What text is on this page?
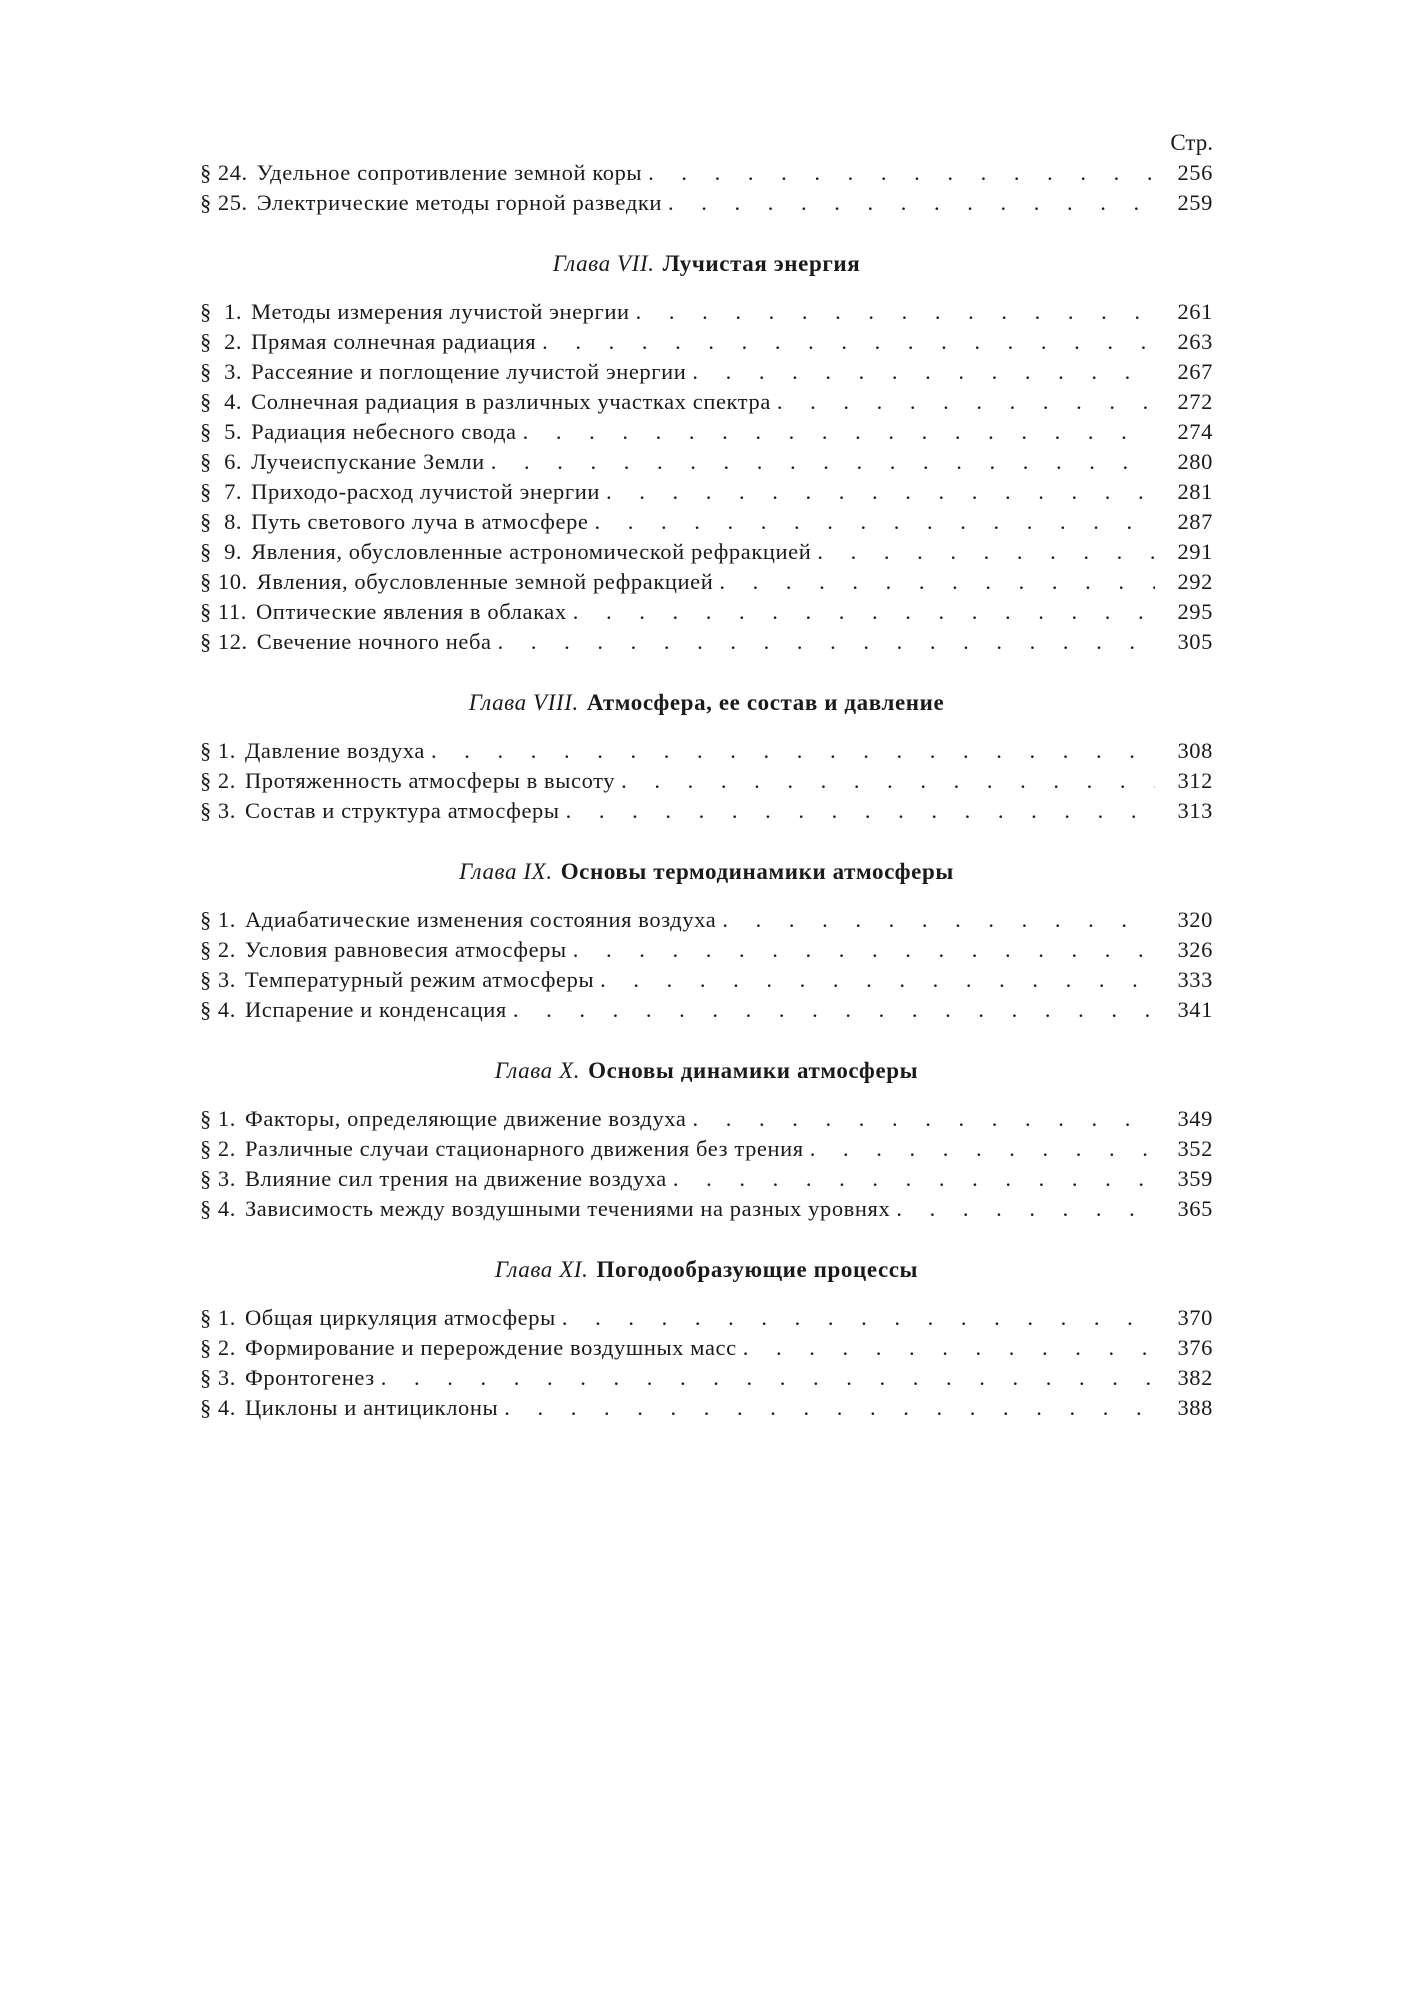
Стр.
§ 24. Удельное сопротивление земной коры . . .	256
§ 25. Электрические методы горной разведки . . .	259
Глава VII. Лучистая энергия
§ 1. Методы измерения лучистой энергии . . .	261
§ 2. Прямая солнечная радиация . . .	263
§ 3. Рассеяние и поглощение лучистой энергии . . .	267
§ 4. Солнечная радиация в различных участках спектра . . .	272
§ 5. Радиация небесного свода . . .	274
§ 6. Лучеиспускание Земли . . .	280
§ 7. Приходо-расход лучистой энергии . . .	281
§ 8. Путь светового луча в атмосфере . . .	287
§ 9. Явления, обусловленные астрономической рефракцией . . .	291
§ 10. Явления, обусловленные земной рефракцией . . .	292
§ 11. Оптические явления в облаках . . .	295
§ 12. Свечение ночного неба . . .	305
Глава VIII. Атмосфера, ее состав и давление
§ 1. Давление воздуха . . .	308
§ 2. Протяженность атмосферы в высоту . . .	312
§ 3. Состав и структура атмосферы . . .	313
Глава IX. Основы термодинамики атмосферы
§ 1. Адиабатические изменения состояния воздуха . . .	320
§ 2. Условия равновесия атмосферы . . .	326
§ 3. Температурный режим атмосферы . . .	333
§ 4. Испарение и конденсация . . .	341
Глава X. Основы динамики атмосферы
§ 1. Факторы, определяющие движение воздуха . . .	349
§ 2. Различные случаи стационарного движения без трения . . .	352
§ 3. Влияние сил трения на движение воздуха . . .	359
§ 4. Зависимость между воздушными течениями на разных уровнях . . .	365
Глава XI. Погодообразующие процессы
§ 1. Общая циркуляция атмосферы . . .	370
§ 2. Формирование и перерождение воздушных масс . . .	376
§ 3. Фронтогенез . . .	382
§ 4. Циклоны и антициклоны . . .	388
